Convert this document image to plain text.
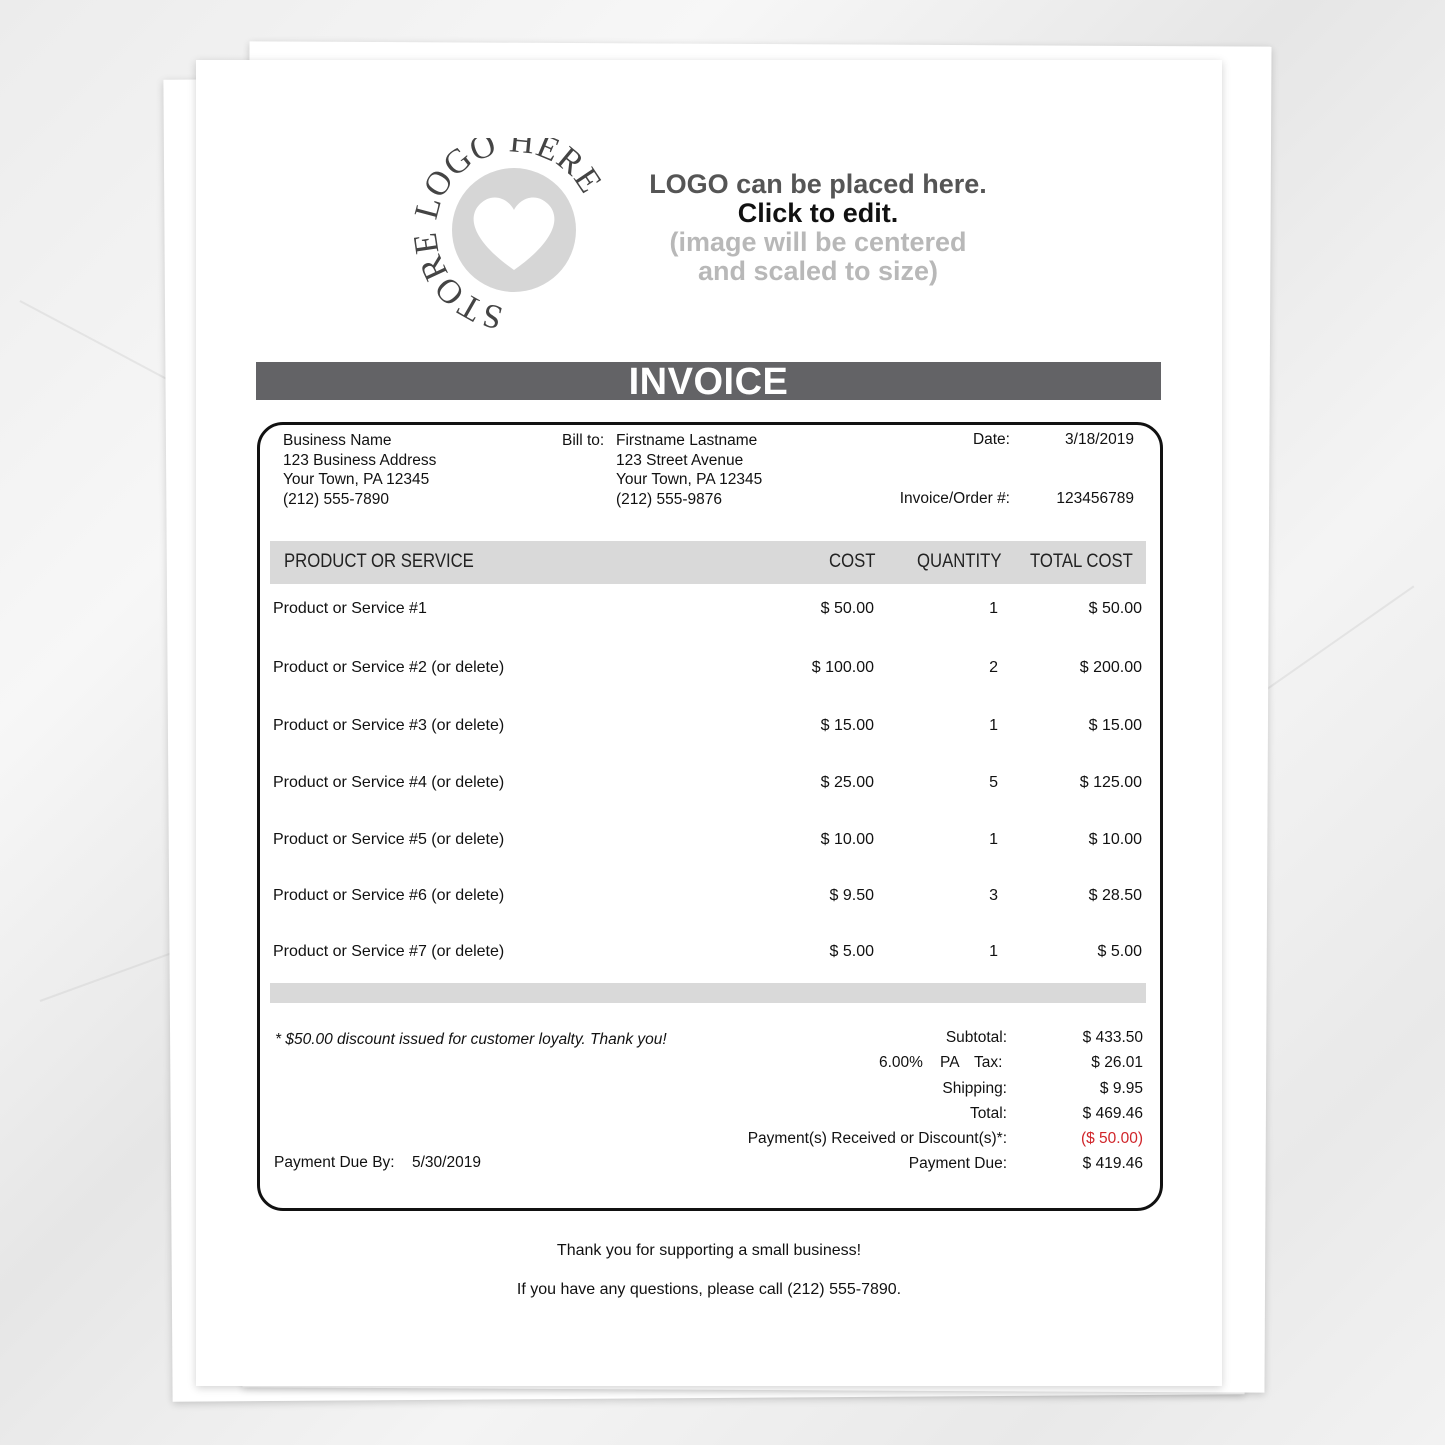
STOR OGO HERE	LOGO can be placed here.
Click to edit.
(image will be centered
and scaled to size)
INVOICE
Business Name
123 Business Address
Your Town, PA 12345
(212) 555-7890
Bill to: Firstname Lastname
123 Street Avenue
Your Town, PA 12345
(212) 555-9876
Date:	3/18/2019
Invoice/Order #:	123456789
PRODUCT OR SERVICE	COST QUANTITY TOTAL COST
Product or Service #1	$ 50.00	1	$ 50.00
Product or Service #2 (or delete)	$ 100.00	2	$ 200.00
Product or Service #3 (or delete)	$ 15.00	1	$ 15.00
Product or Service #4 (or delete)	$ 25.00	5	$ 125.00
Product or Service #5 (or delete)	$ 10.00	1	$ 10.00
Product or Service #6 (or delete)	$ 9.50	3	$ 28.50
Product or Service #7 (or delete)	$ 5.00	1	$ 5.00
* $50.00 discount issued for customer loyalty. Thank you!	Subtotal:	$ 433.50
6.00% PA Tax:	$ 26.01
Shipping:	$ 9.95
Total:	$ 469.46
Payment(s) Received or Discount(s)*:	($ 50.00)
Payment Due By: 5/30/2019	Payment Due:	$ 419.46
Thank you for supporting a small business!
If you have any questions, please call (212) 555-7890.
